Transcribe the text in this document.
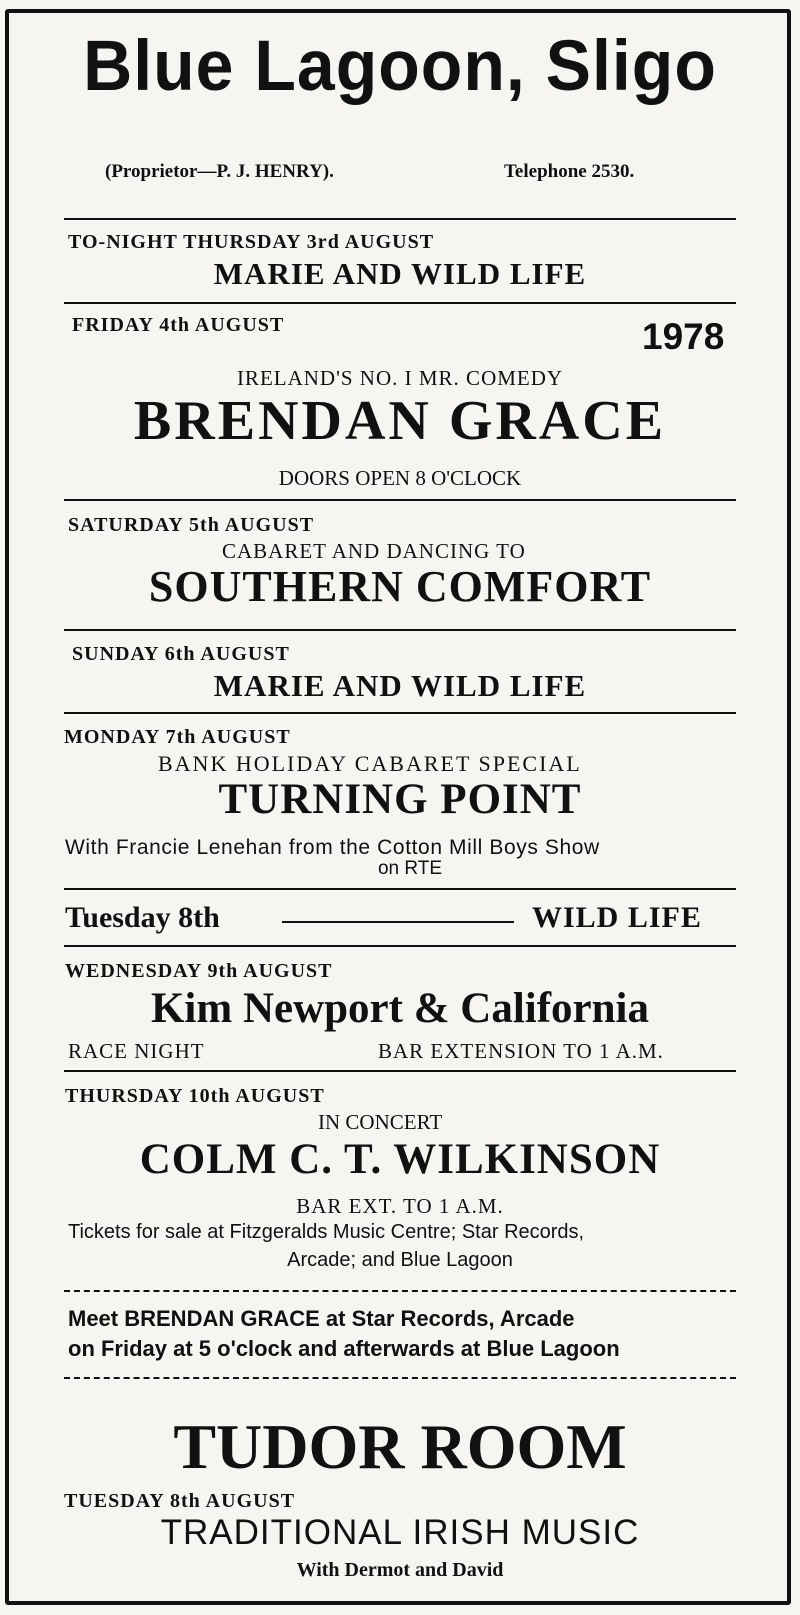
Blue Lagoon, Sligo
(Proprietor—P. J. HENRY).	Telephone 2530.
TO-NIGHT THURSDAY 3rd AUGUST
MARIE AND WILD LIFE
FRIDAY 4th AUGUST	1978
IRELAND'S NO. I MR. COMEDY
BRENDAN GRACE
DOORS OPEN 8 O'CLOCK
SATURDAY 5th AUGUST
CABARET AND DANCING TO
SOUTHERN COMFORT
SUNDAY 6th AUGUST
MARIE AND WILD LIFE
MONDAY 7th AUGUST
BANK HOLIDAY CABARET SPECIAL
TURNING POINT
With Francie Lenehan from the Cotton Mill Boys Show
on RTE
Tuesday 8th	WILD LIFE
WEDNESDAY 9th AUGUST
Kim Newport & California
RACE NIGHT	BAR EXTENSION TO 1 A.M.
THURSDAY 10th AUGUST
IN CONCERT
COLM C. T. WILKINSON
BAR EXT. TO 1 A.M.
Tickets for sale at Fitzgeralds Music Centre; Star Records,
Arcade; and Blue Lagoon
Meet BRENDAN GRACE at Star Records, Arcade
on Friday at 5 o'clock and afterwards at Blue Lagoon
TUDOR ROOM
TUESDAY 8th AUGUST
TRADITIONAL IRISH MUSIC
With Dermot and David
